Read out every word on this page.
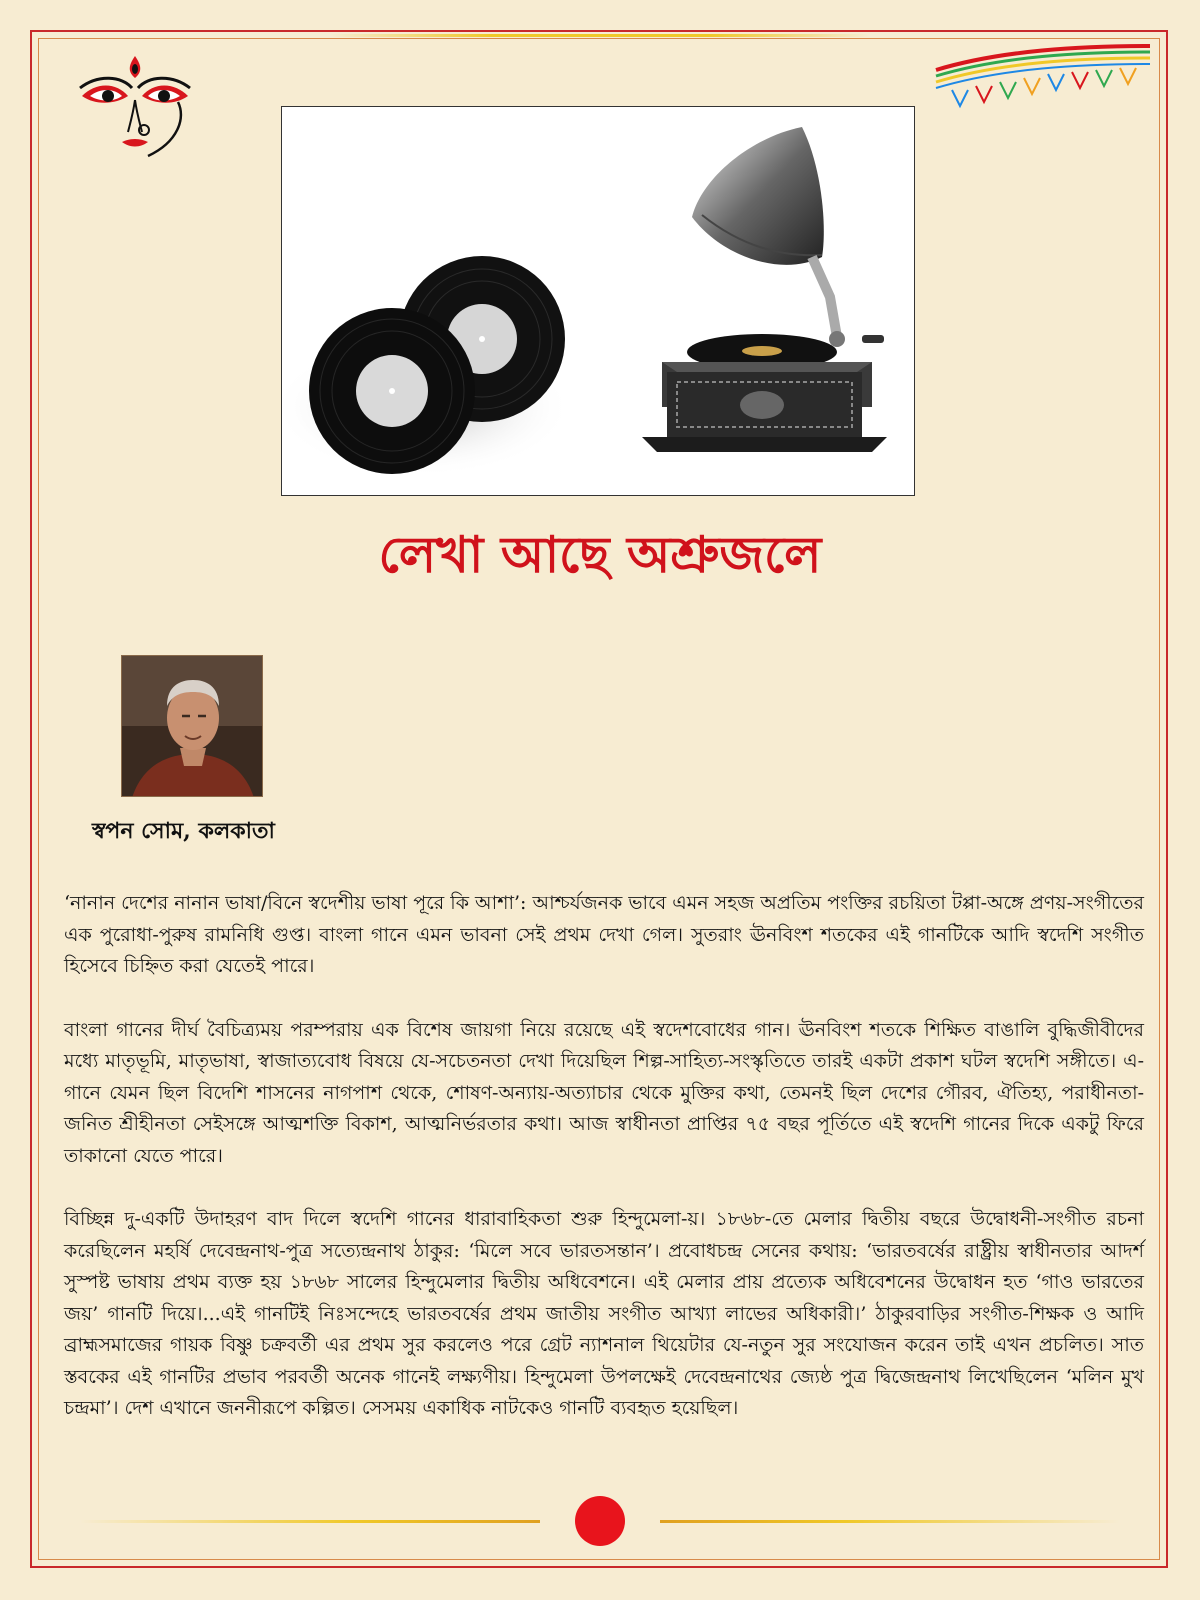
লেখা আছে অশ্রুজলে
স্বপন সোম, কলকাতা

‘নানান দেশের নানান ভাষা/বিনে স্বদেশীয় ভাষা পূরে কি আশা’: আশ্চর্যজনক ভাবে এমন সহজ অপ্রতিম পংক্তির রচয়িতা টপ্পা-অঙ্গে প্রণয়-সংগীতের এক পুরোধা-পুরুষ রামনিধি গুপ্ত। বাংলা গানে এমন ভাবনা সেই প্রথম দেখা গেল। সুতরাং ঊনবিংশ শতকের এই গানটিকে আদি স্বদেশি সংগীত হিসেবে চিহ্নিত করা যেতেই পারে।

বাংলা গানের দীর্ঘ বৈচিত্র্যময় পরম্পরায় এক বিশেষ জায়গা নিয়ে রয়েছে এই স্বদেশবোধের গান। ঊনবিংশ শতকে শিক্ষিত বাঙালি বুদ্ধিজীবীদের মধ্যে মাতৃভূমি, মাতৃভাষা, স্বাজাত্যবোধ বিষয়ে যে-সচেতনতা দেখা দিয়েছিল শিল্প-সাহিত্য-সংস্কৃতিতে তারই একটা প্রকাশ ঘটল স্বদেশি সঙ্গীতে। এ-গানে যেমন ছিল বিদেশি শাসনের নাগপাশ থেকে, শোষণ-অন্যায়-অত্যাচার থেকে মুক্তির কথা, তেমনই ছিল দেশের গৌরব, ঐতিহ্য, পরাধীনতা-জনিত শ্রীহীনতা সেইসঙ্গে আত্মশক্তি বিকাশ, আত্মনির্ভরতার কথা। আজ স্বাধীনতা প্রাপ্তির ৭৫ বছর পূর্তিতে এই স্বদেশি গানের দিকে একটু ফিরে তাকানো যেতে পারে।

বিচ্ছিন্ন দু-একটি উদাহরণ বাদ দিলে স্বদেশি গানের ধারাবাহিকতা শুরু হিন্দুমেলা-য়। ১৮৬৮-তে মেলার দ্বিতীয় বছরে উদ্বোধনী-সংগীত রচনা করেছিলেন মহর্ষি দেবেন্দ্রনাথ-পুত্র সত্যেন্দ্রনাথ ঠাকুর: ‘মিলে সবে ভারতসন্তান’। প্রবোধচন্দ্র সেনের কথায়: ‘ভারতবর্ষের রাষ্ট্রীয় স্বাধীনতার আদর্শ সুস্পষ্ট ভাষায় প্রথম ব্যক্ত হয় ১৮৬৮ সালের হিন্দুমেলার দ্বিতীয় অধিবেশনে। এই মেলার প্রায় প্রত্যেক অধিবেশনের উদ্বোধন হত ‘গাও ভারতের জয়’ গানটি দিয়ে।...এই গানটিই নিঃসন্দেহে ভারতবর্ষের প্রথম জাতীয় সংগীত আখ্যা লাভের অধিকারী।’ ঠাকুরবাড়ির সংগীত-শিক্ষক ও আদি ব্রাহ্মসমাজের গায়ক বিষ্ণু চক্রবর্তী এর প্রথম সুর করলেও পরে গ্রেট ন্যাশনাল থিয়েটার যে-নতুন সুর সংযোজন করেন তাই এখন প্রচলিত। সাত স্তবকের এই গানটির প্রভাব পরবর্তী অনেক গানেই লক্ষ্যণীয়। হিন্দুমেলা উপলক্ষেই দেবেন্দ্রনাথের জ্যেষ্ঠ পুত্র দ্বিজেন্দ্রনাথ লিখেছিলেন ‘মলিন মুখ চন্দ্রমা’। দেশ এখানে জননীরূপে কল্পিত। সেসময় একাধিক নাটকেও গানটি ব্যবহৃত হয়েছিল।
